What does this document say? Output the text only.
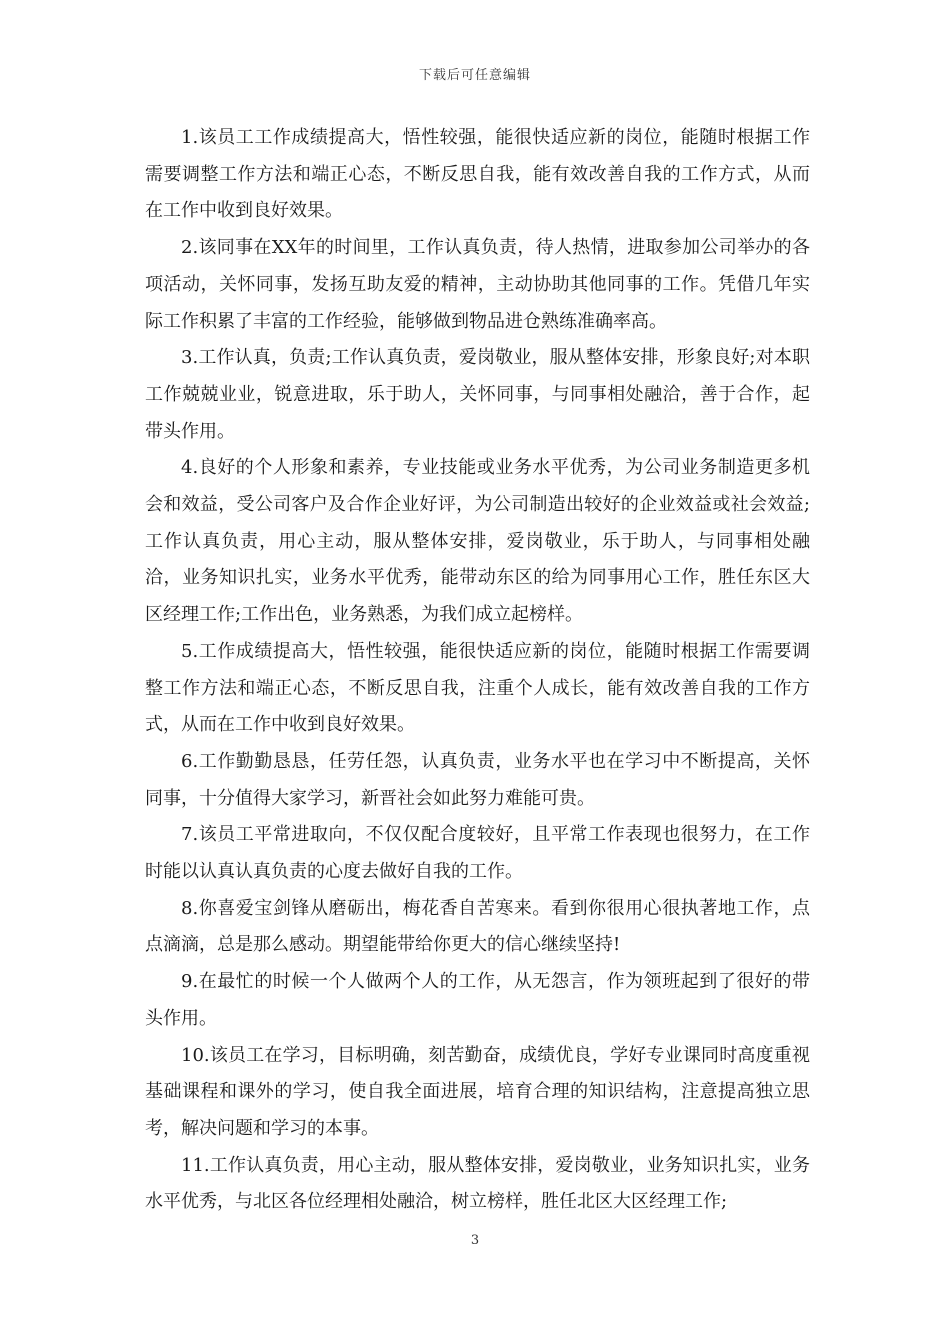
下载后可任意编辑

1.该员工工作成绩提高大，悟性较强，能很快适应新的岗位，能随时根据工作需要调整工作方法和端正心态，不断反思自我，能有效改善自我的工作方式，从而在工作中收到良好效果。

2.该同事在XX年的时间里，工作认真负责，待人热情，进取参加公司举办的各项活动，关怀同事，发扬互助友爱的精神，主动协助其他同事的工作。凭借几年实际工作积累了丰富的工作经验，能够做到物品进仓熟练准确率高。

3.工作认真，负责;工作认真负责，爱岗敬业，服从整体安排，形象良好;对本职工作兢兢业业，锐意进取，乐于助人，关怀同事，与同事相处融洽，善于合作，起带头作用。

4.良好的个人形象和素养，专业技能或业务水平优秀，为公司业务制造更多机会和效益，受公司客户及合作企业好评，为公司制造出较好的企业效益或社会效益;工作认真负责，用心主动，服从整体安排，爱岗敬业，乐于助人，与同事相处融洽，业务知识扎实，业务水平优秀，能带动东区的给为同事用心工作，胜任东区大区经理工作;工作出色，业务熟悉，为我们成立起榜样。

5.工作成绩提高大，悟性较强，能很快适应新的岗位，能随时根据工作需要调整工作方法和端正心态，不断反思自我，注重个人成长，能有效改善自我的工作方式，从而在工作中收到良好效果。

6.工作勤勤恳恳，任劳任怨，认真负责，业务水平也在学习中不断提高，关怀同事，十分值得大家学习，新晋社会如此努力难能可贵。

7.该员工平常进取向，不仅仅配合度较好，且平常工作表现也很努力，在工作时能以认真认真负责的心度去做好自我的工作。

8.你喜爱宝剑锋从磨砺出，梅花香自苦寒来。看到你很用心很执著地工作，点点滴滴，总是那么感动。期望能带给你更大的信心继续坚持!

9.在最忙的时候一个人做两个人的工作，从无怨言，作为领班起到了很好的带头作用。

10.该员工在学习，目标明确，刻苦勤奋，成绩优良，学好专业课同时高度重视基础课程和课外的学习，使自我全面进展，培育合理的知识结构，注意提高独立思考，解决问题和学习的本事。

11.工作认真负责，用心主动，服从整体安排，爱岗敬业，业务知识扎实，业务水平优秀，与北区各位经理相处融洽，树立榜样，胜任北区大区经理工作;

3
